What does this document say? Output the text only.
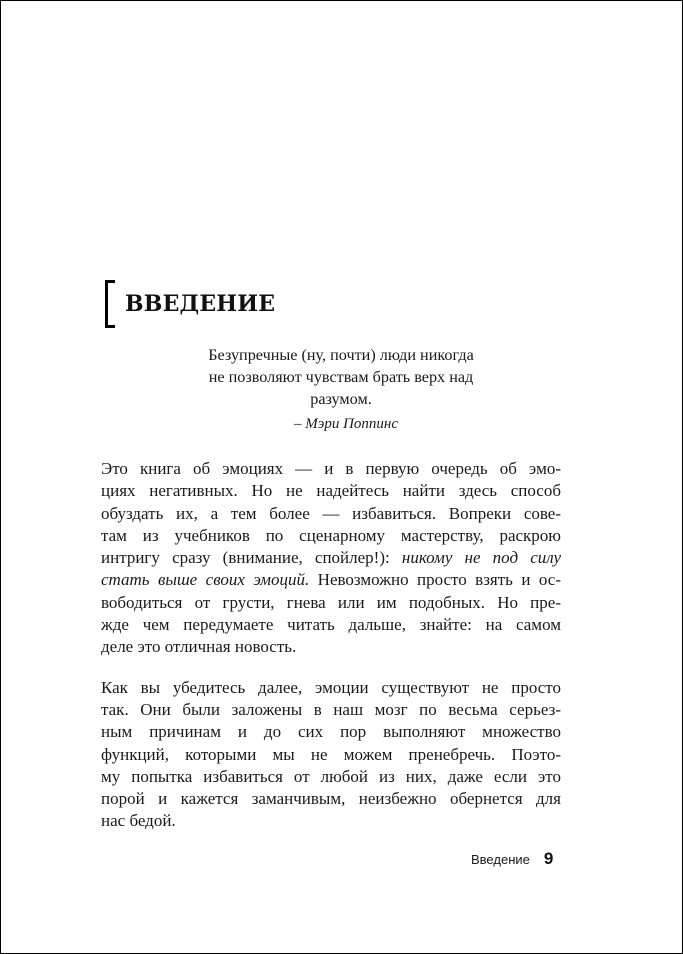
ВВЕДЕНИЕ
Безупречные (ну, почти) люди никогда
не позволяют чувствам брать верх над
разумом.
– Мэри Поппинс

Это книга об эмоциях — и в первую очередь об эмо-
циях негативных. Но не надейтесь найти здесь способ
обуздать их, а тем более — избавиться. Вопреки сове-
там из учебников по сценарному мастерству, раскрою
интригу сразу (внимание, спойлер!): никому не под силу
стать выше своих эмоций. Невозможно просто взять и ос-
вободиться от грусти, гнева или им подобных. Но пре-
жде чем передумаете читать дальше, знайте: на самом
деле это отличная новость.

Как вы убедитесь далее, эмоции существуют не просто
так. Они были заложены в наш мозг по весьма серьез-
ным причинам и до сих пор выполняют множество
функций, которыми мы не можем пренебречь. Поэто-
му попытка избавиться от любой из них, даже если это
порой и кажется заманчивым, неизбежно обернется для
нас бедой.

Введение 9
